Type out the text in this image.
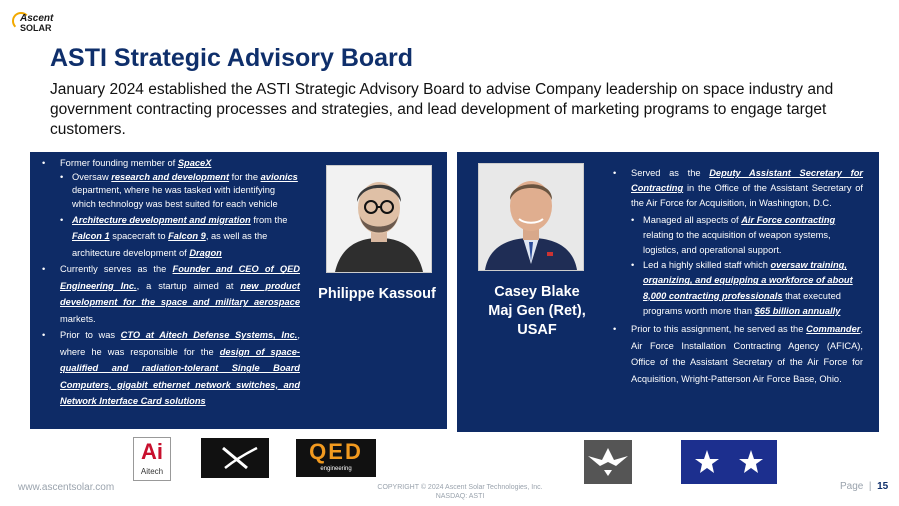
Ascent
SOLAR
ASTI Strategic Advisory Board
January 2024 established the ASTI Strategic Advisory Board to advise Company leadership on space industry and government contracting processes and strategies, and lead development of marketing programs to engage target customers.
• Former founding member of SpaceX
• Oversaw research and development for the avionics department, where he was tasked with identifying which technology was best suited for each vehicle
• Architecture development and migration from the Falcon 1 spacecraft to Falcon 9, as well as the architecture development of Dragon
• Currently serves as the Founder and CEO of QED Engineering Inc., a startup aimed at new product development for the space and military aerospace markets.
• Prior to was CTO at Aitech Defense Systems, Inc., where he was responsible for the design of space-qualified and radiation-tolerant Single Board Computers, gigabit ethernet network switches, and Network Interface Card solutions
Philippe Kassouf	Casey Blake
Maj Gen (Ret),
USAF
• Served as the Deputy Assistant Secretary for Contracting in the Office of the Assistant Secretary of the Air Force for Acquisition, in Washington, D.C.
• Managed all aspects of Air Force contracting relating to the acquisition of weapon systems, logistics, and operational support.
• Led a highly skilled staff which oversaw training, organizing, and equipping a workforce of about 8,000 contracting professionals that executed programs worth more than $65 billion annually
• Prior to this assignment, he served as the Commander, Air Force Installation Contracting Agency (AFICA), Office of the Assistant Secretary of the Air Force for Acquisition, Wright-Patterson Air Force Base, Ohio.
Ai
Aitech
QED
engineering
www.ascentsolar.com	COPYRIGHT © 2024 Ascent Solar Technologies, Inc.
NASDAQ: ASTI
Page  |  15
